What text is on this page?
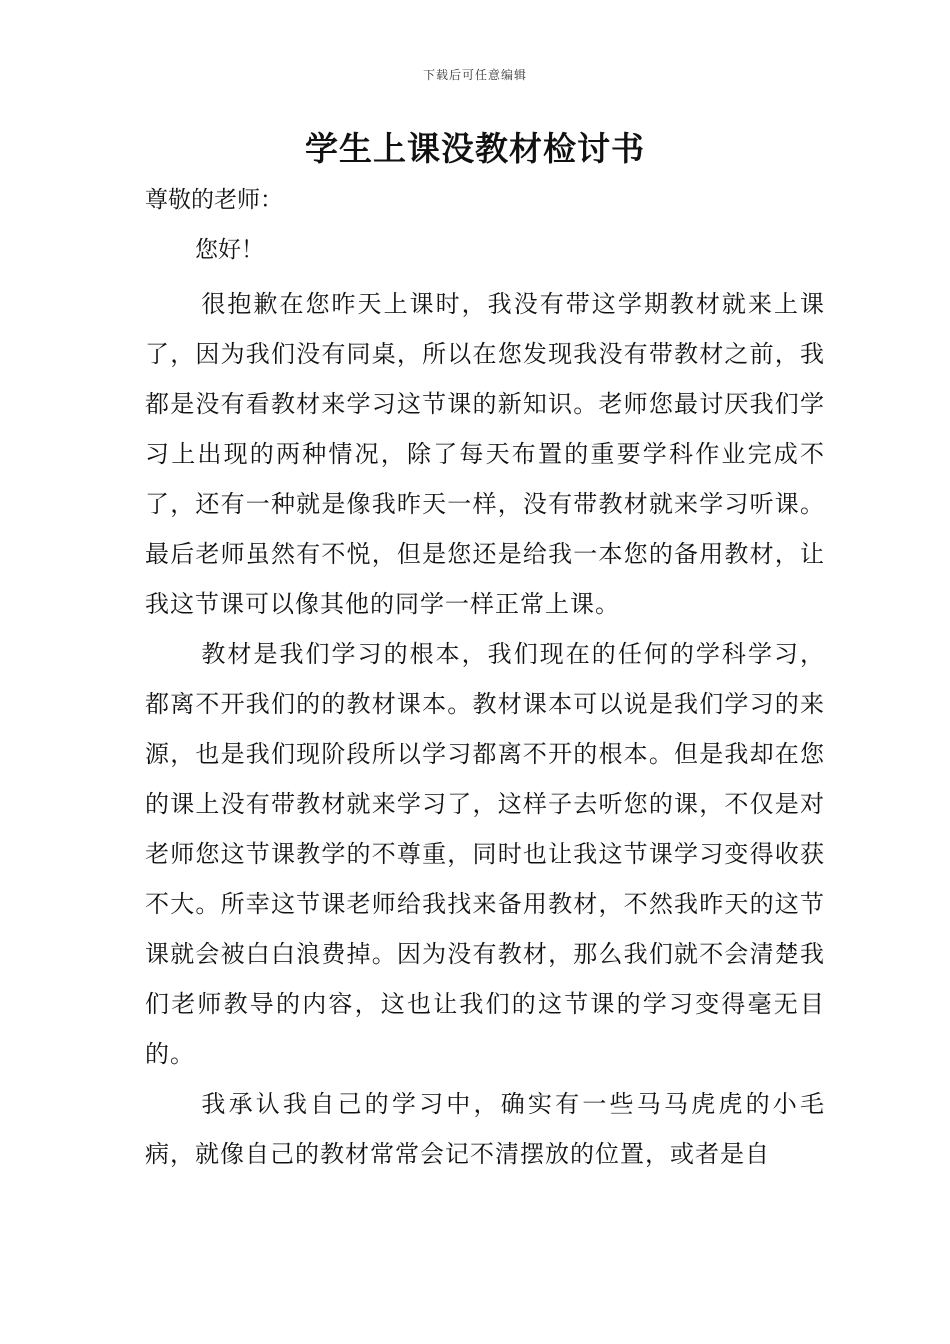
下载后可任意编辑
学生上课没教材检讨书
尊敬的老师：
您好！

很抱歉在您昨天上课时，我没有带这学期教材就来上课了，因为我们没有同桌，所以在您发现我没有带教材之前，我都是没有看教材来学习这节课的新知识。老师您最讨厌我们学习上出现的两种情况，除了每天布置的重要学科作业完成不了，还有一种就是像我昨天一样，没有带教材就来学习听课。最后老师虽然有不悦，但是您还是给我一本您的备用教材，让我这节课可以像其他的同学一样正常上课。

教材是我们学习的根本，我们现在的任何的学科学习，都离不开我们的的教材课本。教材课本可以说是我们学习的来源，也是我们现阶段所以学习都离不开的根本。但是我却在您的课上没有带教材就来学习了，这样子去听您的课，不仅是对老师您这节课教学的不尊重，同时也让我这节课学习变得收获不大。所幸这节课老师给我找来备用教材，不然我昨天的这节课就会被白白浪费掉。因为没有教材，那么我们就不会清楚我们老师教导的内容，这也让我们的这节课的学习变得毫无目的。

我承认我自己的学习中，确实有一些马马虎虎的小毛病，就像自己的教材常常会记不清摆放的位置，或者是自
